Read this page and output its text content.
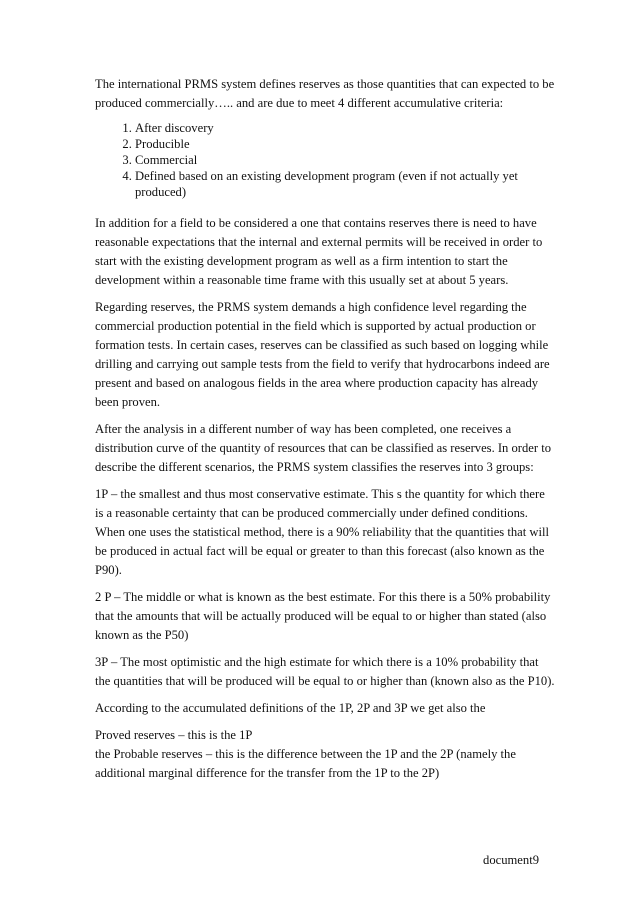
The international PRMS system defines reserves as those quantities that can expected to be produced commercially….. and are due to meet 4 different accumulative criteria:

1. After discovery
2. Producible
3. Commercial
4. Defined based on an existing development program (even if not actually yet produced)

In addition for a field to be considered a one that contains reserves there is need to have reasonable expectations that the internal and external permits will be received in order to start with the existing development program as well as a firm intention to start the development within a reasonable time frame with this usually set at about 5 years.

Regarding reserves, the PRMS system demands a high confidence level regarding the commercial production potential in the field which is supported by actual production or formation tests. In certain cases, reserves can be classified as such based on logging while drilling and carrying out sample tests from the field to verify that hydrocarbons indeed are present and based on analogous fields in the area where production capacity has already been proven.

After the analysis in a different number of way has been completed, one receives a distribution curve of the quantity of resources that can be classified as reserves. In order to describe the different scenarios, the PRMS system classifies the reserves into 3 groups:

1P – the smallest and thus most conservative estimate. This s the quantity for which there is a reasonable certainty that can be produced commercially under defined conditions. When one uses the statistical method, there is a 90% reliability that the quantities that will be produced in actual fact will be equal or greater to than this forecast (also known as the P90).

2 P – The middle or what is known as the best estimate. For this there is a 50% probability that the amounts that will be actually produced will be equal to or higher than stated (also known as the P50)

3P – The most optimistic and the high estimate for which there is a 10% probability that the quantities that will be produced will be equal to or higher than (known also as the P10).

According to the accumulated definitions of the 1P, 2P and 3P we get also the

Proved reserves – this is the 1P

the Probable reserves – this is the difference between the 1P and the 2P (namely the additional marginal difference for the transfer from the 1P to the 2P)

document9
